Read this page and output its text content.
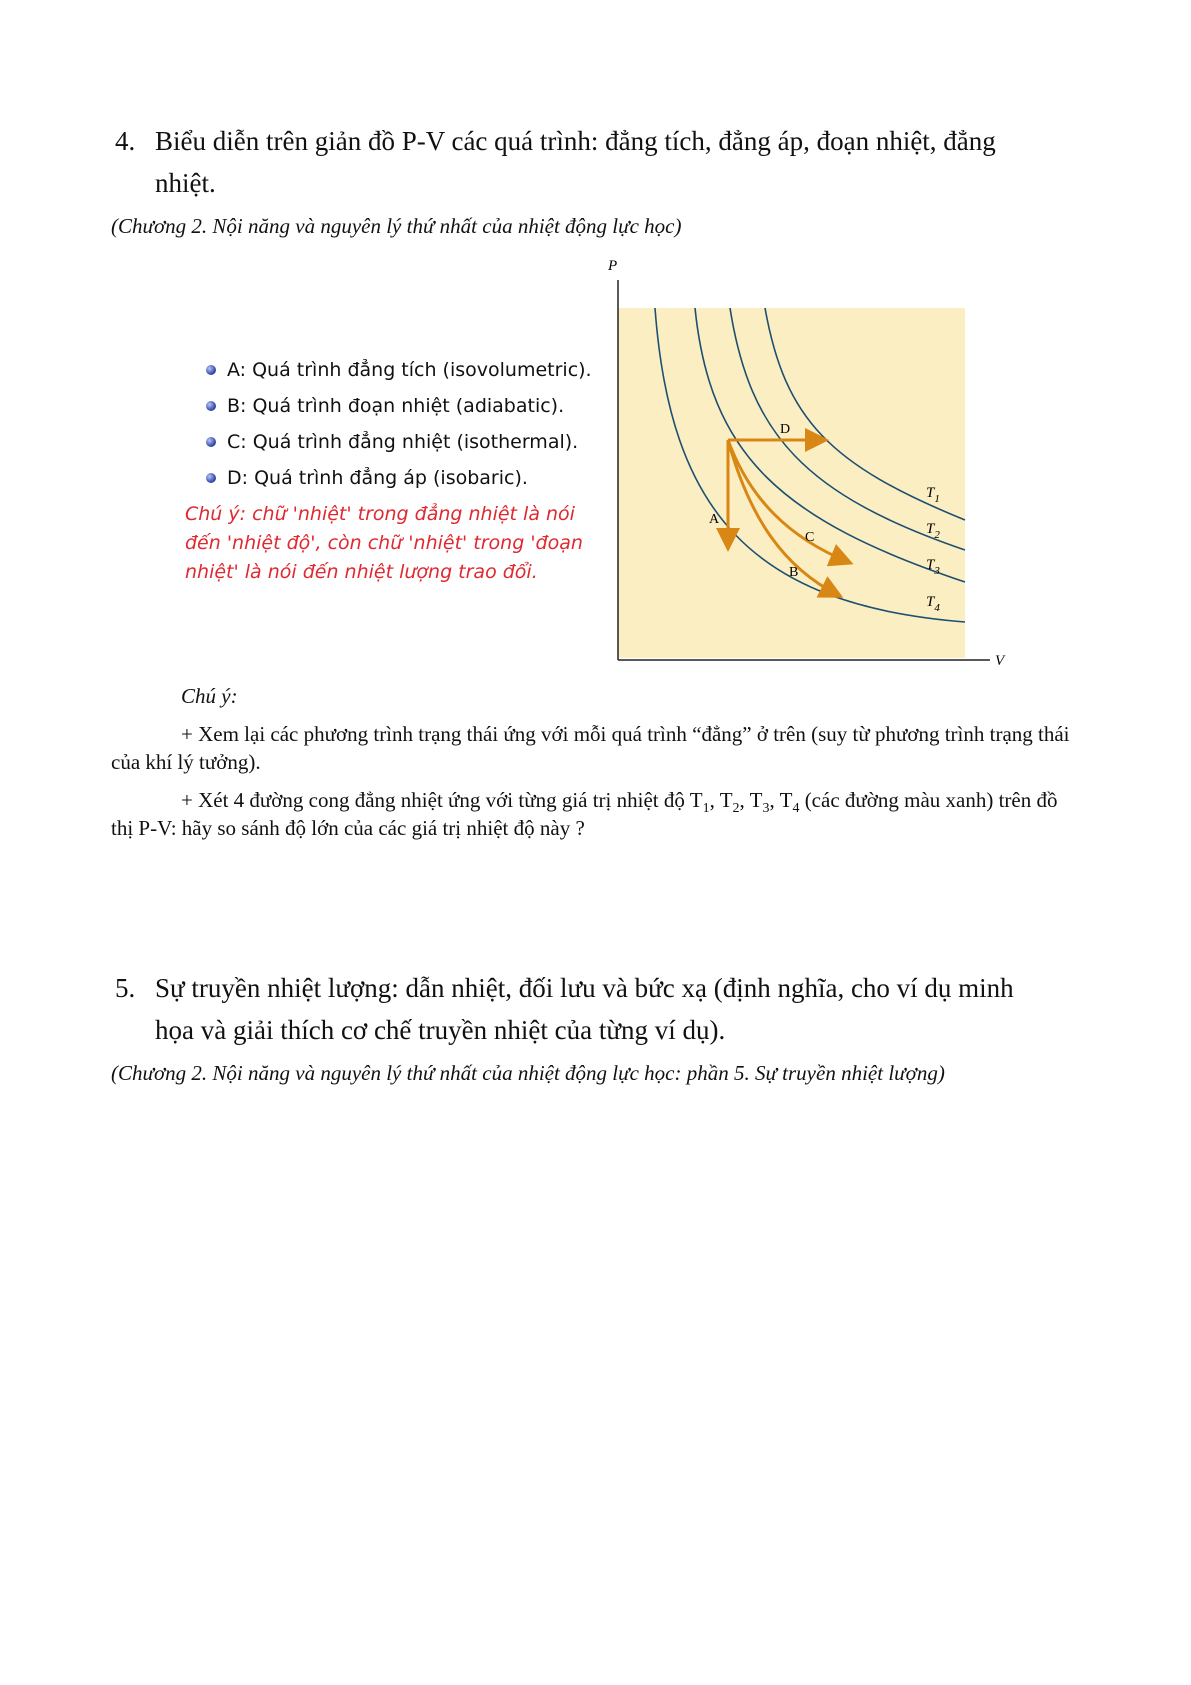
4. Biểu diễn trên giản đồ P-V các quá trình: đẳng tích, đẳng áp, đoạn nhiệt, đẳng nhiệt.
(Chương 2. Nội năng và nguyên lý thứ nhất của nhiệt động lực học)
A: Quá trình đẳng tích (isovolumetric).
B: Quá trình đoạn nhiệt (adiabatic).
C: Quá trình đẳng nhiệt (isothermal).
D: Quá trình đẳng áp (isobaric).
Chú ý: chữ 'nhiệt' trong đẳng nhiệt là nói đến 'nhiệt độ', còn chữ 'nhiệt' trong 'đoạn nhiệt' là nói đến nhiệt lượng trao đổi.
P
V
A
B
C
D
$T_1$
$T_2$
$T_3$
$T_4$
Chú ý:
+ Xem lại các phương trình trạng thái ứng với mỗi quá trình “đẳng” ở trên (suy từ phương trình trạng thái của khí lý tưởng).
+ Xét 4 đường cong đẳng nhiệt ứng với từng giá trị nhiệt độ $T_1$, $T_2$, $T_3$, $T_4$ (các đường màu xanh) trên đồ thị P-V: hãy so sánh độ lớn của các giá trị nhiệt độ này ?
5. Sự truyền nhiệt lượng: dẫn nhiệt, đối lưu và bức xạ (định nghĩa, cho ví dụ minh họa và giải thích cơ chế truyền nhiệt của từng ví dụ).
(Chương 2. Nội năng và nguyên lý thứ nhất của nhiệt động lực học: phần 5. Sự truyền nhiệt lượng)
